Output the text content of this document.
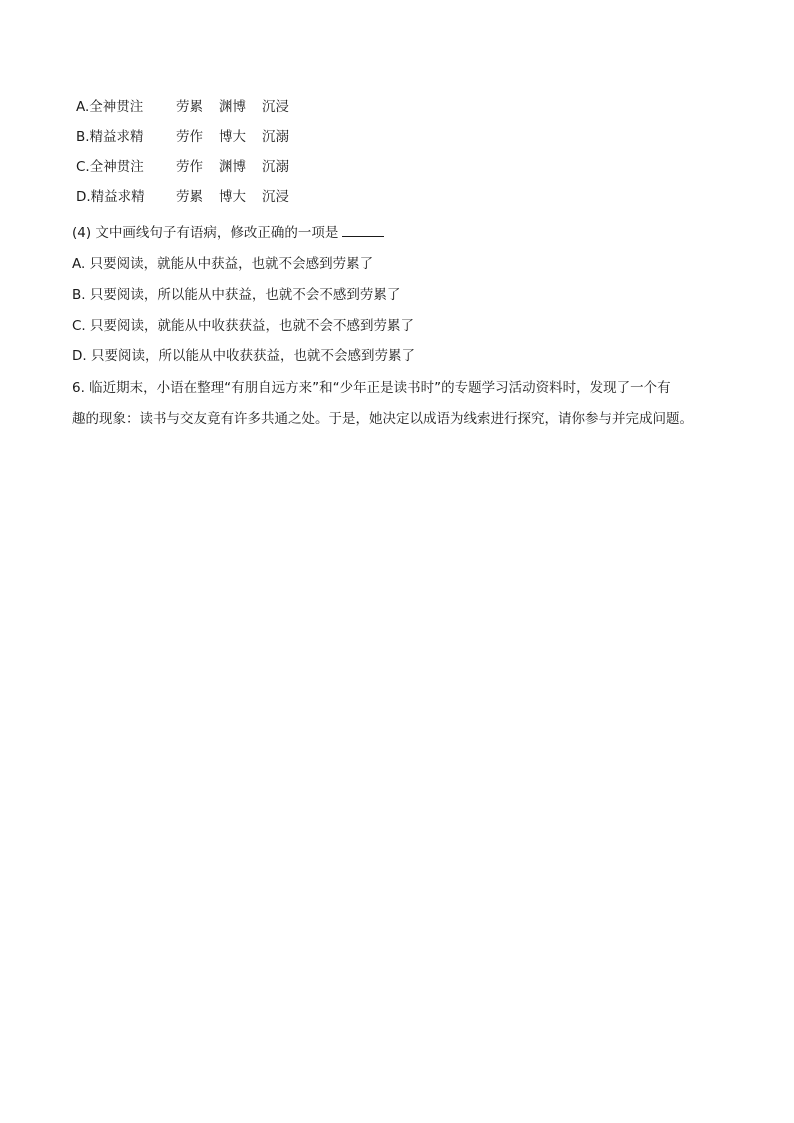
A.全神贯注 劳累 渊博 沉浸
B.精益求精 劳作 博大 沉溺
C.全神贯注 劳作 渊博 沉溺
D.精益求精 劳累 博大 沉浸
(4) 文中画线句子有语病，修改正确的一项是
A. 只要阅读，就能从中获益，也就不会感到劳累了
B. 只要阅读，所以能从中获益，也就不会不感到劳累了
C. 只要阅读，就能从中收获获益，也就不会不感到劳累了
D. 只要阅读，所以能从中收获获益，也就不会感到劳累了
6. 临近期末，小语在整理“有朋自远方来”和“少年正是读书时”的专题学习活动资料时，发现了一个有
趣的现象：读书与交友竟有许多共通之处。于是，她决定以成语为线索进行探究，请你参与并完成问题。
